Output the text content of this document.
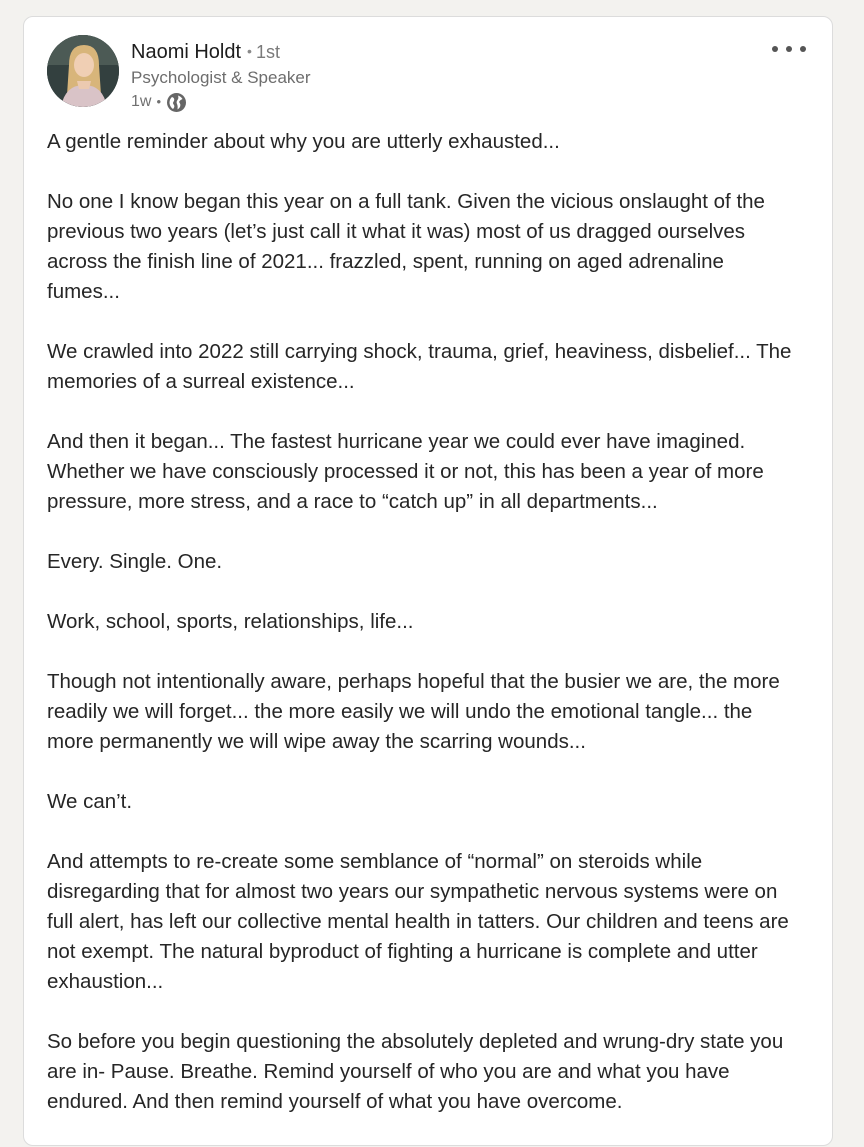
Naomi Holdt • 1st
Psychologist & Speaker
1w •

A gentle reminder about why you are utterly exhausted...

No one I know began this year on a full tank. Given the vicious onslaught of the
previous two years (let’s just call it what it was) most of us dragged ourselves
across the finish line of 2021... frazzled, spent, running on aged adrenaline
fumes...

We crawled into 2022 still carrying shock, trauma, grief, heaviness, disbelief... The
memories of a surreal existence...

And then it began... The fastest hurricane year we could ever have imagined.
Whether we have consciously processed it or not, this has been a year of more
pressure, more stress, and a race to “catch up” in all departments...

Every. Single. One.

Work, school, sports, relationships, life...

Though not intentionally aware, perhaps hopeful that the busier we are, the more
readily we will forget... the more easily we will undo the emotional tangle... the
more permanently we will wipe away the scarring wounds...

We can’t.

And attempts to re-create some semblance of “normal” on steroids while
disregarding that for almost two years our sympathetic nervous systems were on
full alert, has left our collective mental health in tatters. Our children and teens are
not exempt. The natural byproduct of fighting a hurricane is complete and utter
exhaustion...

So before you begin questioning the absolutely depleted and wrung-dry state you
are in- Pause. Breathe. Remind yourself of who you are and what you have
endured. And then remind yourself of what you have overcome.
